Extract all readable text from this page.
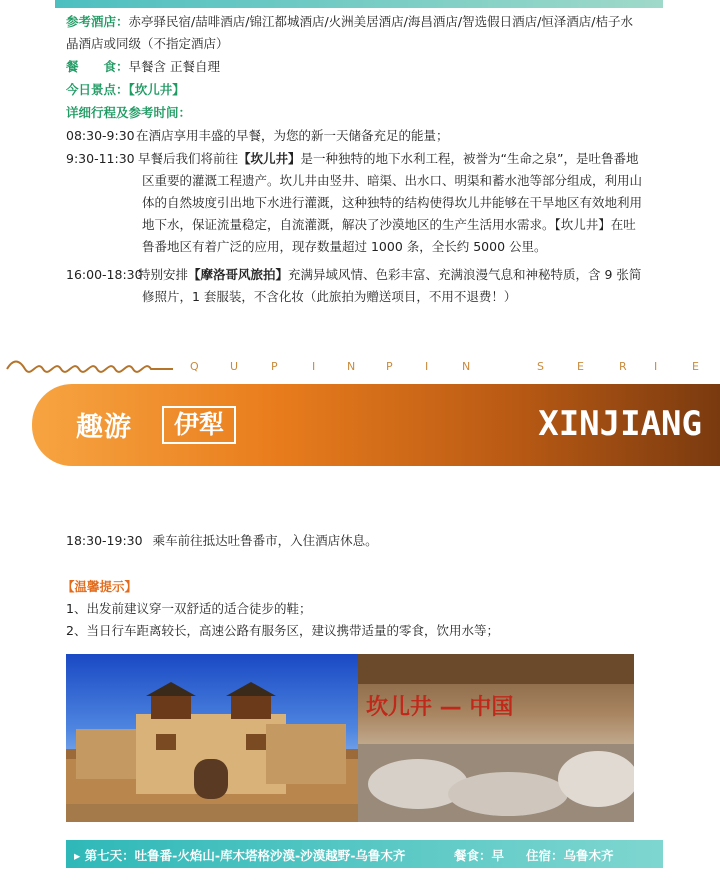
参考酒店：赤亭驿民宿/喆啡酒店/锦江都城酒店/火洲美居酒店/海昌酒店/智选假日酒店/恒泽酒店/桔子水
晶酒店或同级（不指定酒店）
餐　　食：早餐含 正餐自理
今日景点：【坎儿井】
详细行程及参考时间：
08:30-9:30 在酒店享用丰盛的早餐，为您的新一天储备充足的能量；
9:30-11:30 早餐后我们将前往【坎儿井】是一种独特的地下水利工程，被誉为“生命之泉”，是吐鲁番地
区重要的灌溉工程遗产。坎儿井由竖井、暗渠、出水口、明渠和蓄水池等部分组成，利用山
体的自然坡度引出地下水进行灌溉，这种独特的结构使得坎儿井能够在干旱地区有效地利用
地下水，保证流量稳定，自流灌溉，解决了沙漠地区的生产生活用水需求。【坎儿井】在吐
鲁番地区有着广泛的应用，现存数量超过 1000 条，全长约 5000 公里。
16:00-18:30
特别安排【摩洛哥风旅拍】充满异域风情、色彩丰富、充满浪漫气息和神秘特质，含 9 张简
修照片，1 套服装，不含化妆（此旅拍为赠送项目，不用不退费！）
Q	U	P	I	N	P	I	N	S	E	R I	E
趣游	伊犁	XINJIANG
18:30-19:30 乘车前往抵达吐鲁番市，入住酒店休息。
【温馨提示】
1、出发前建议穿一双舒适的适合徒步的鞋；
2、当日行车距离较长，高速公路有服务区，建议携带适量的零食，饮用水等；
坎儿井 — 中国
▸ 第七天：吐鲁番-火焰山-库木塔格沙漠-沙漠越野-乌鲁木齐	餐食：早 住宿：乌鲁木齐
